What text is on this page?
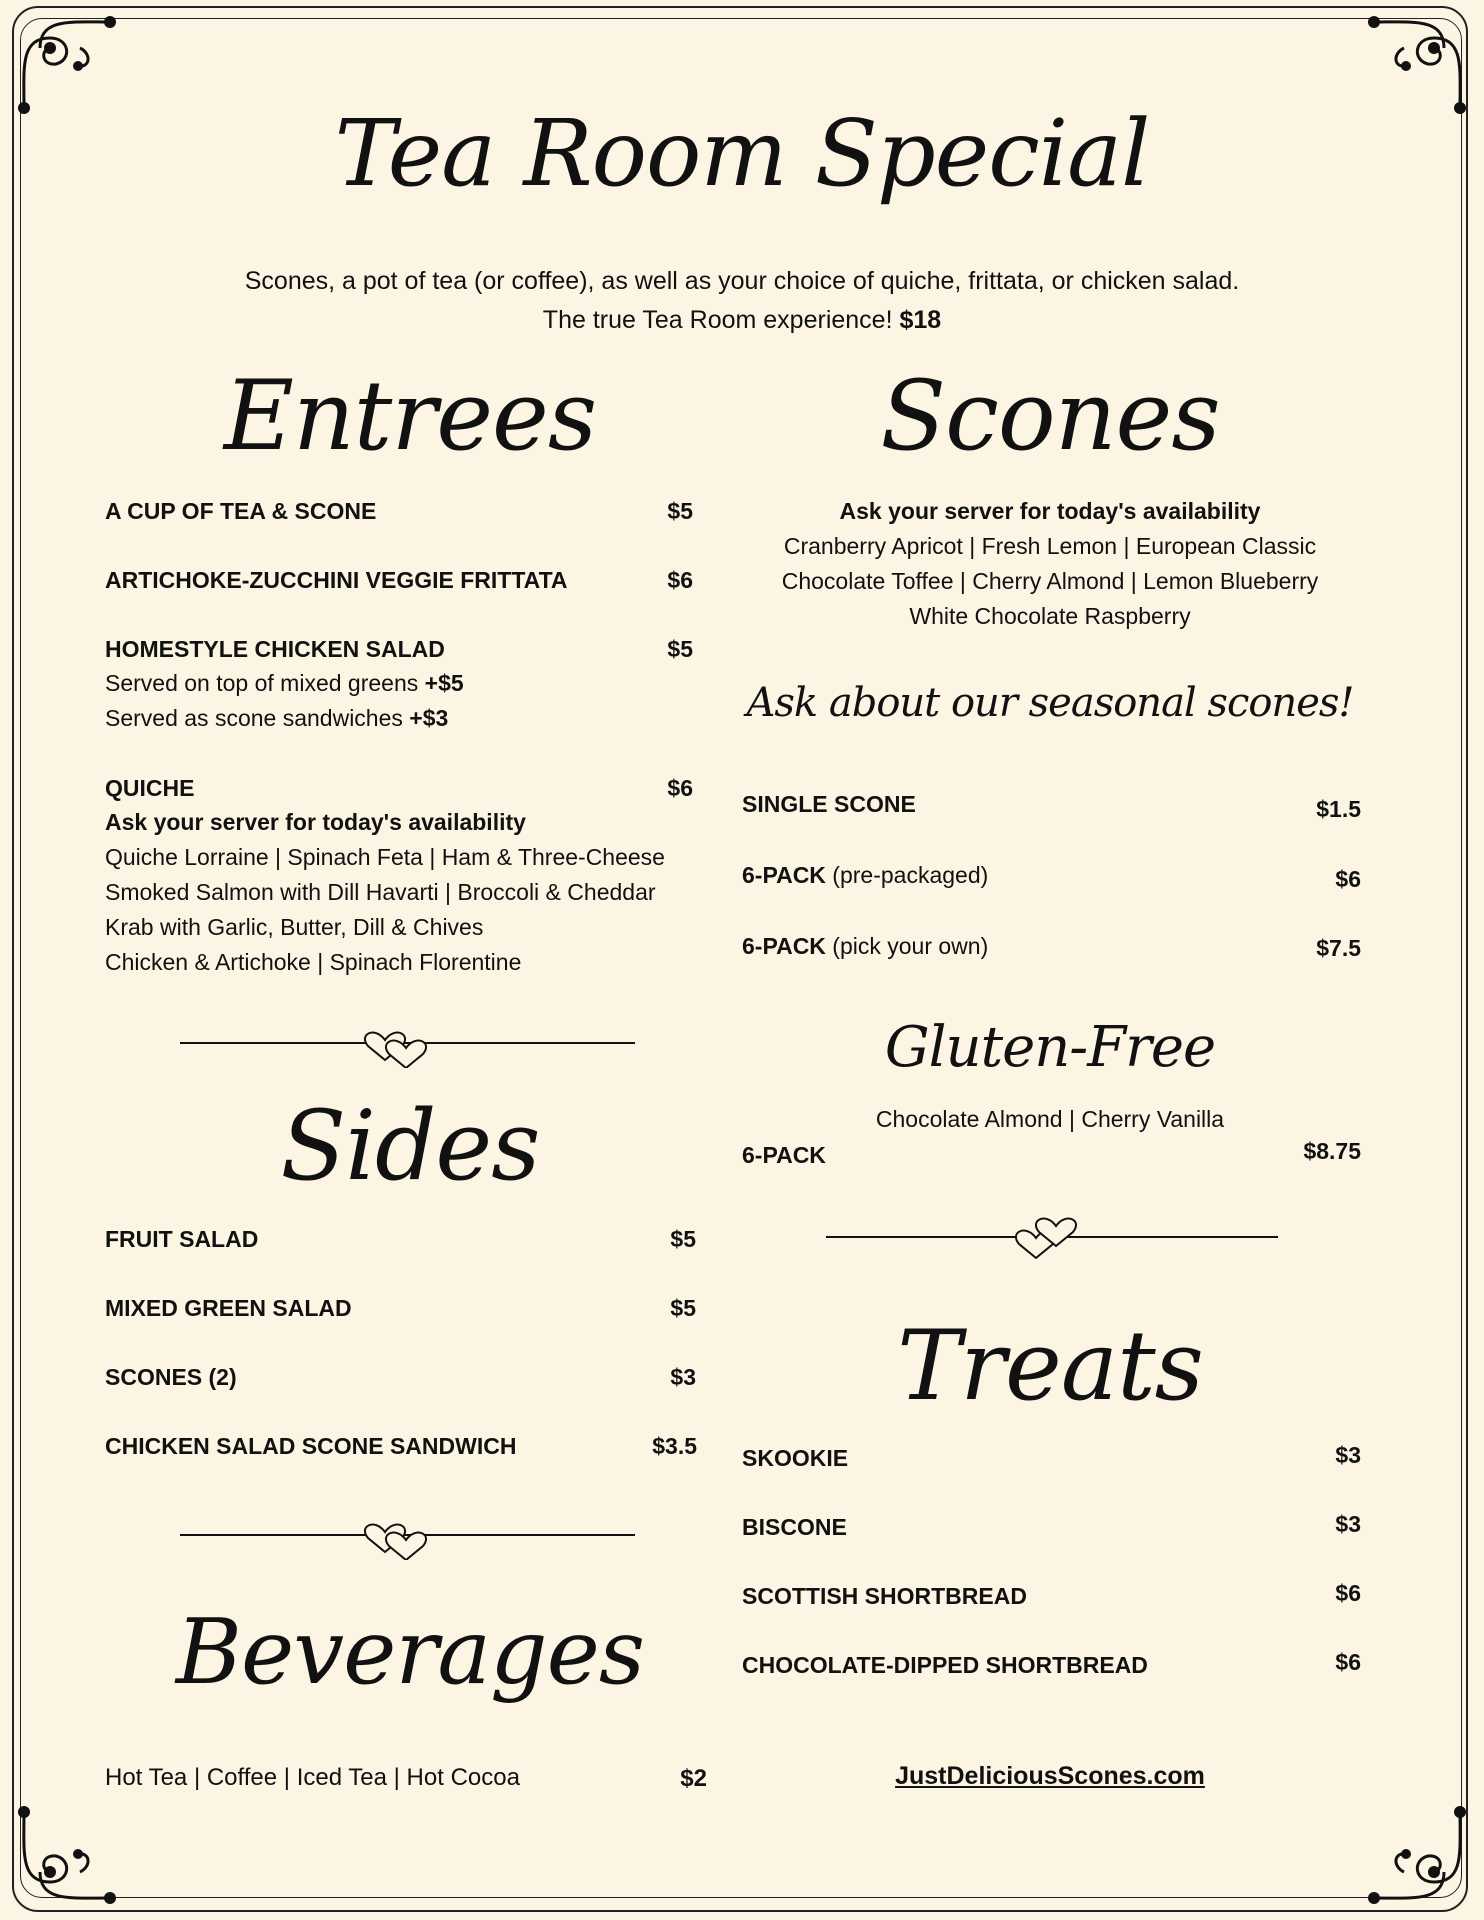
Tea Room Special
Scones, a pot of tea (or coffee), as well as your choice of quiche, frittata, or chicken salad.
The true Tea Room experience! $18
Entrees
A CUP OF TEA & SCONE	$5
ARTICHOKE-ZUCCHINI VEGGIE FRITTATA	$6
HOMESTYLE CHICKEN SALAD	$5
Served on top of mixed greens +$5
Served as scone sandwiches +$3
QUICHE	$6
Ask your server for today's availability
Quiche Lorraine | Spinach Feta | Ham & Three-Cheese
Smoked Salmon with Dill Havarti | Broccoli & Cheddar
Krab with Garlic, Butter, Dill & Chives
Chicken & Artichoke | Spinach Florentine
Sides
FRUIT SALAD	$5
MIXED GREEN SALAD	$5
SCONES (2)	$3
CHICKEN SALAD SCONE SANDWICH	$3.5
Beverages
Hot Tea | Coffee | Iced Tea | Hot Cocoa	$2
Scones
Ask your server for today's availability
Cranberry Apricot | Fresh Lemon | European Classic
Chocolate Toffee | Cherry Almond | Lemon Blueberry
White Chocolate Raspberry
Ask about our seasonal scones!
SINGLE SCONE	$1.5
6-PACK (pre-packaged)	$6
6-PACK (pick your own)	$7.5
Gluten-Free
Chocolate Almond | Cherry Vanilla
6-PACK	$8.75
Treats
SKOOKIE	$3
BISCONE	$3
SCOTTISH SHORTBREAD	$6
CHOCOLATE-DIPPED SHORTBREAD	$6
JustDeliciousScones.com
